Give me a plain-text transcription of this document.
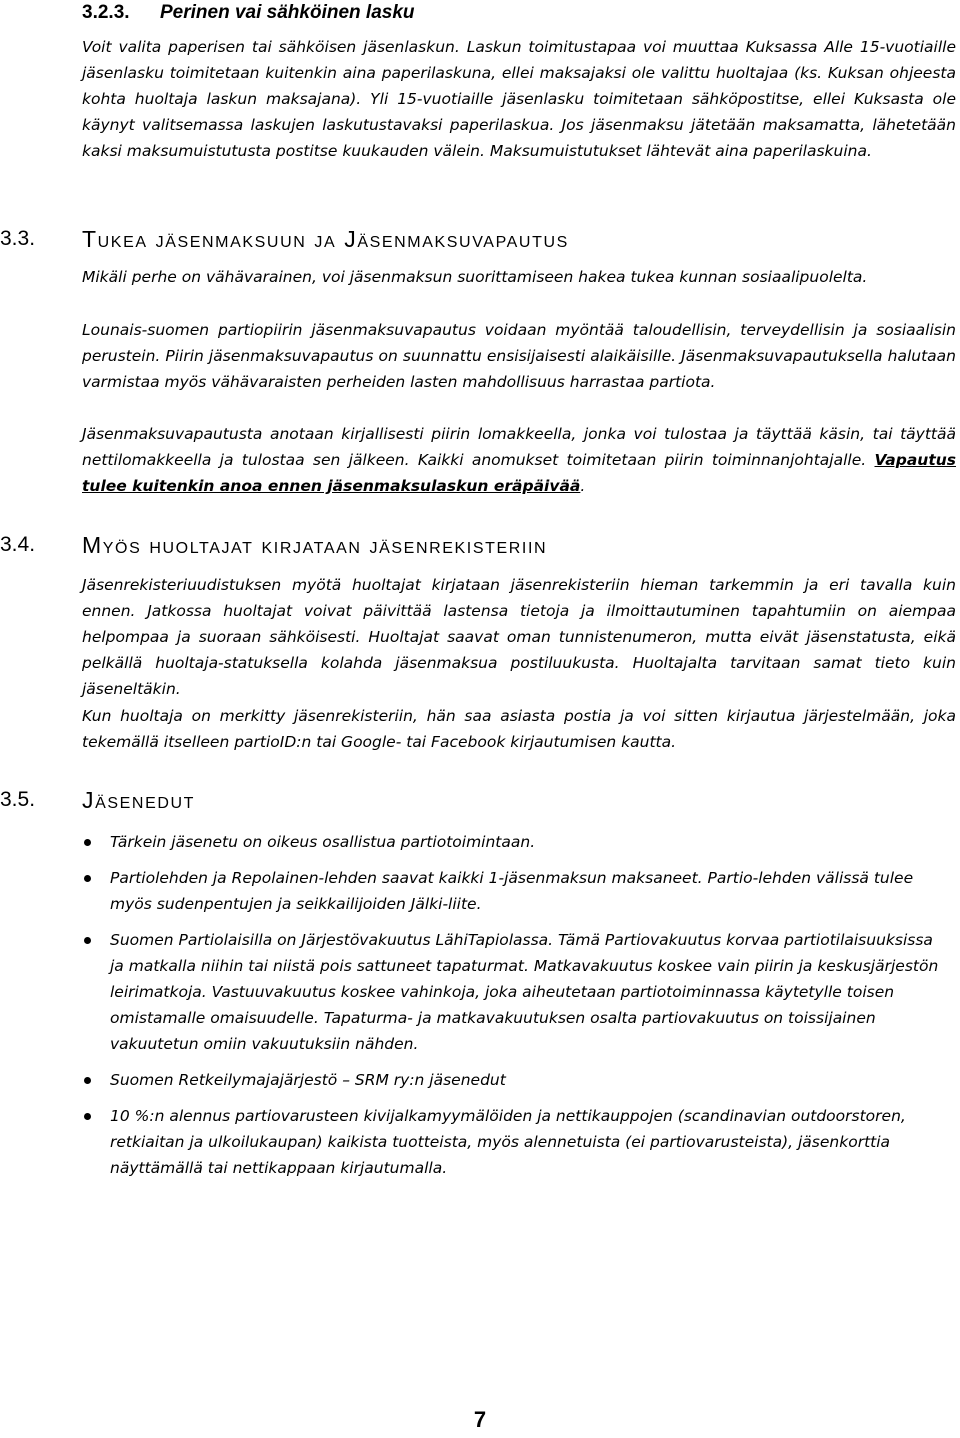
3.2.3. Perinen vai sähköinen lasku

Voit valita paperisen tai sähköisen jäsenlaskun. Laskun toimitustapaa voi muuttaa Kuksassa Alle 15-vuotiaille jäsenlasku toimitetaan kuitenkin aina paperilaskuna, ellei maksajaksi ole valittu huoltajaa (ks. Kuksan ohjeesta kohta huoltaja laskun maksajana). Yli 15-vuotiaille jäsenlasku toimitetaan sähköpostitse, ellei Kuksasta ole käynyt valitsemassa laskujen laskutustavaksi paperilaskua. Jos jäsenmaksu jätetään maksamatta, lähetetään kaksi maksumuistutusta postitse kuukauden välein. Maksumuistutukset lähtevät aina paperilaskuina.

3.3. Tukea jäsenmaksuun ja Jäsenmaksuvapautus

Mikäli perhe on vähävarainen, voi jäsenmaksun suorittamiseen hakea tukea kunnan sosiaalipuolelta.

Lounais-suomen partiopiirin jäsenmaksuvapautus voidaan myöntää taloudellisin, terveydellisin ja sosiaalisin perustein. Piirin jäsenmaksuvapautus on suunnattu ensisijaisesti alaikäisille. Jäsenmaksuvapautuksella halutaan varmistaa myös vähävaraisten perheiden lasten mahdollisuus harrastaa partiota.

Jäsenmaksuvapautusta anotaan kirjallisesti piirin lomakkeella, jonka voi tulostaa ja täyttää käsin, tai täyttää nettilomakkeella ja tulostaa sen jälkeen. Kaikki anomukset toimitetaan piirin toiminnanjohtajalle. Vapautus tulee kuitenkin anoa ennen jäsenmaksulaskun eräpäivää.

3.4. Myös huoltajat kirjataan jäsenrekisteriin

Jäsenrekisteriuudistuksen myötä huoltajat kirjataan jäsenrekisteriin hieman tarkemmin ja eri tavalla kuin ennen. Jatkossa huoltajat voivat päivittää lastensa tietoja ja ilmoittautuminen tapahtumiin on aiempaa helpompaa ja suoraan sähköisesti. Huoltajat saavat oman tunnistenumeron, mutta eivät jäsenstatusta, eikä pelkällä huoltaja-statuksella kolahda jäsenmaksua postiluukusta. Huoltajalta tarvitaan samat tieto kuin jäseneltäkin.

Kun huoltaja on merkitty jäsenrekisteriin, hän saa asiasta postia ja voi sitten kirjautua järjestelmään, joka tekemällä itselleen partioID:n tai Google- tai Facebook kirjautumisen kautta.

3.5. Jäsenedut
Tärkein jäsenetu on oikeus osallistua partiotoimintaan.
Partiolehden ja Repolainen-lehden saavat kaikki 1-jäsenmaksun maksaneet. Partio-lehden välissä tulee myös sudenpentujen ja seikkailijoiden Jälki-liite.
Suomen Partiolaisilla on Järjestövakuutus LähiTapiolassa. Tämä Partiovakuutus korvaa partiotilaisuuksissa ja matkalla niihin tai niistä pois sattuneet tapaturmat. Matkavakuutus koskee vain piirin ja keskusjärjestön leirimatkoja. Vastuuvakuutus koskee vahinkoja, joka aiheutetaan partiotoiminnassa käytetylle toisen omistamalle omaisuudelle. Tapaturma- ja matkavakuutuksen osalta partiovakuutus on toissijainen vakuutetun omiin vakuutuksiin nähden.
Suomen Retkeilymajajärjestö – SRM ry:n jäsenedut
10 %:n alennus partiovarusteen kivijalkamyymälöiden ja nettikauppojen (scandinavian outdoorstoren, retkiaitan ja ulkoilukaupan) kaikista tuotteista, myös alennetuista (ei partiovarusteista), jäsenkorttia näyttämällä tai nettikappaan kirjautumalla.
7
